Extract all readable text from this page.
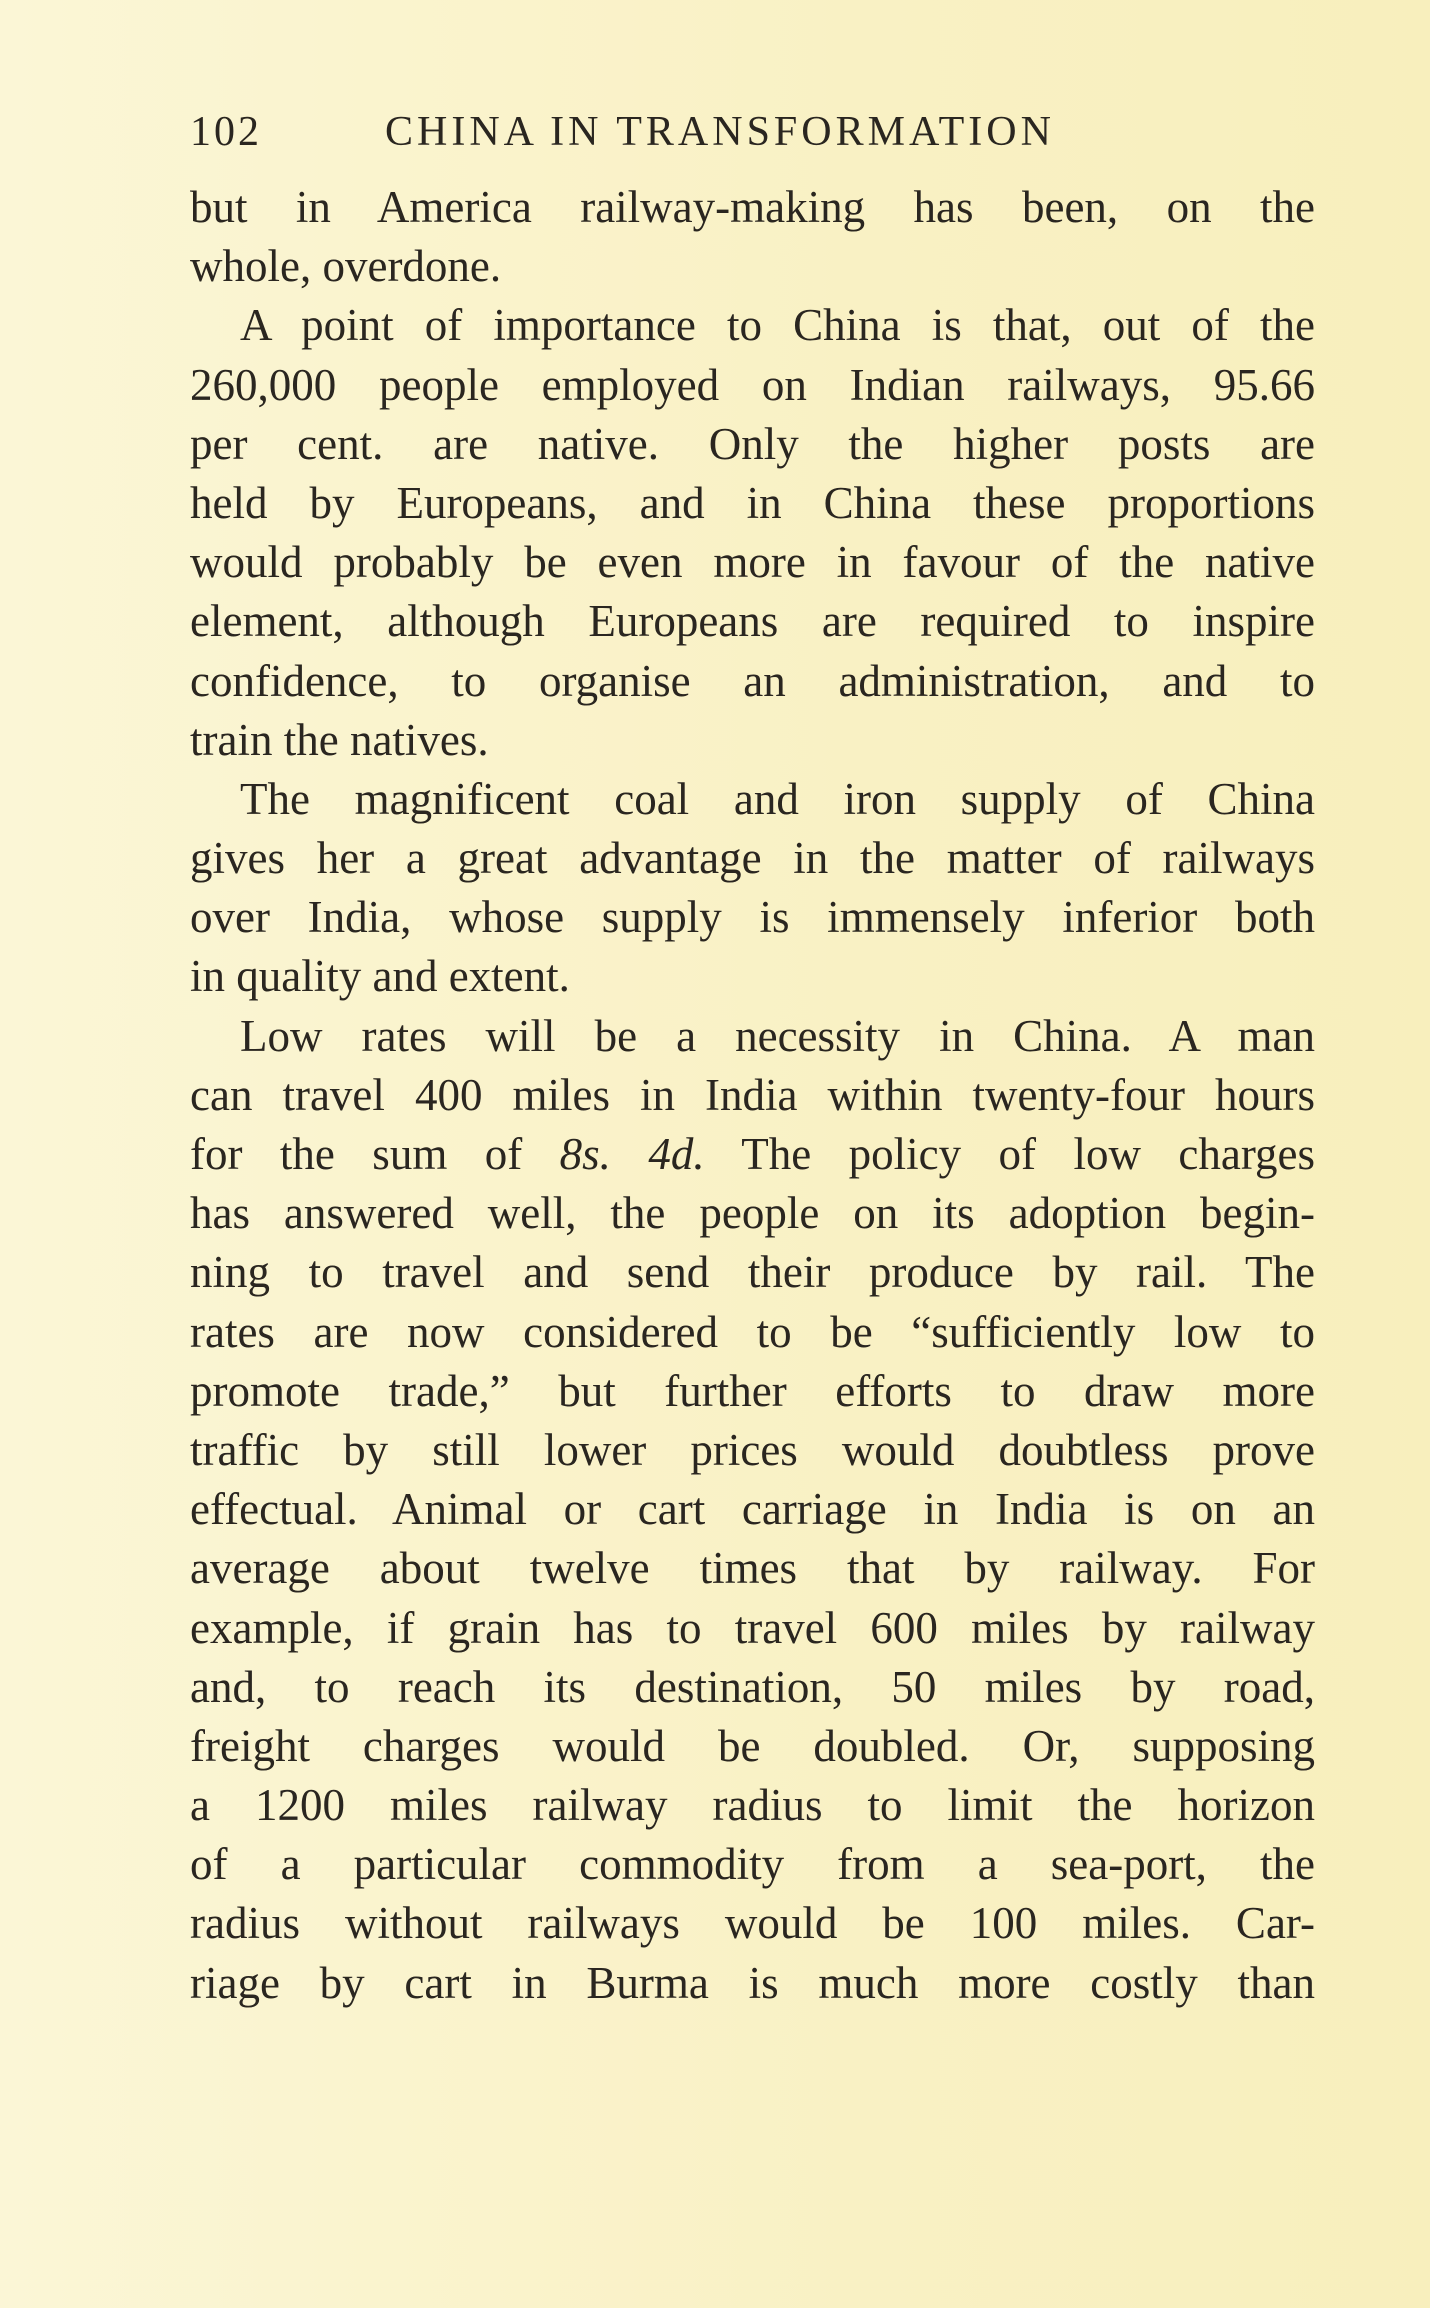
102	CHINA IN TRANSFORMATION
but in America railway-making has been, on the
whole, overdone.
A point of importance to China is that, out of the
260,000 people employed on Indian railways, 95.66
per cent. are native. Only the higher posts are
held by Europeans, and in China these proportions
would probably be even more in favour of the native
element, although Europeans are required to inspire
confidence, to organise an administration, and to
train the natives.
The magnificent coal and iron supply of China
gives her a great advantage in the matter of railways
over India, whose supply is immensely inferior both
in quality and extent.
Low rates will be a necessity in China. A man
can travel 400 miles in India within twenty-four hours
for the sum of 8s. 4d. The policy of low charges
has answered well, the people on its adoption begin-
ning to travel and send their produce by rail. The
rates are now considered to be “sufficiently low to
promote trade,” but further efforts to draw more
traffic by still lower prices would doubtless prove
effectual. Animal or cart carriage in India is on an
average about twelve times that by railway. For
example, if grain has to travel 600 miles by railway
and, to reach its destination, 50 miles by road,
freight charges would be doubled. Or, supposing
a 1200 miles railway radius to limit the horizon
of a particular commodity from a sea-port, the
radius without railways would be 100 miles. Car-
riage by cart in Burma is much more costly than
